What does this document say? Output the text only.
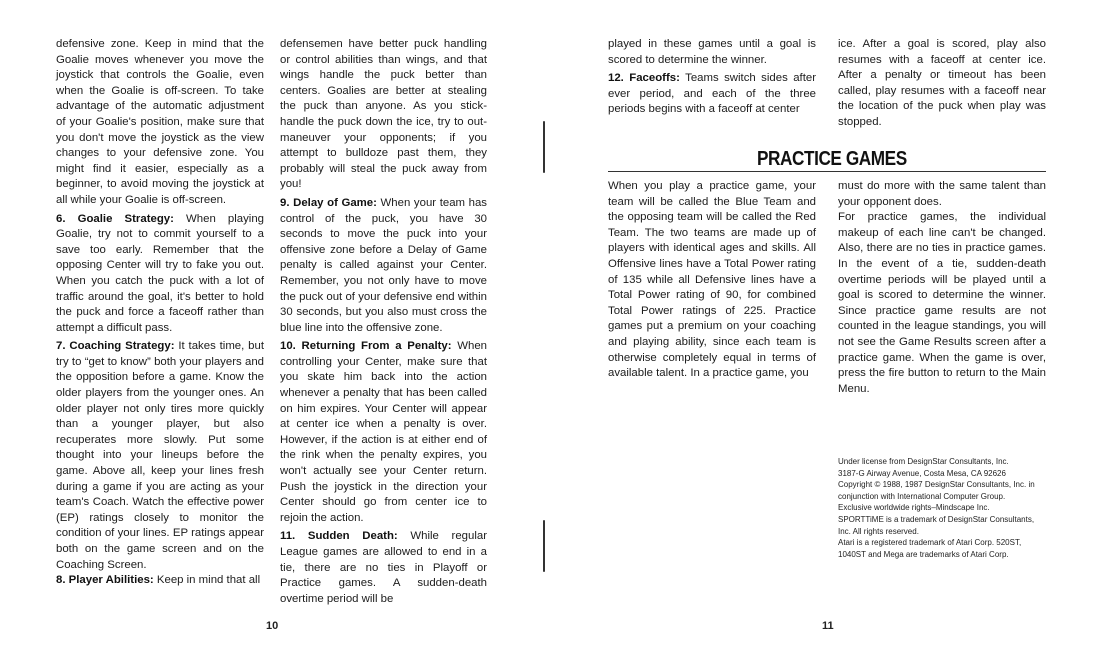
defensive zone. Keep in mind that the Goalie moves whenever you move the joystick that controls the Goalie, even when the Goalie is off-screen. To take advantage of the automatic adjustment of your Goalie's position, make sure that you don't move the joystick as the view changes to your defensive zone. You might find it easier, especially as a beginner, to avoid moving the joystick at all while your Goalie is off-screen.

6. Goalie Strategy: When playing Goalie, try not to commit yourself to a save too early. Remember that the opposing Center will try to fake you out. When you catch the puck with a lot of traffic around the goal, it's better to hold the puck and force a faceoff rather than attempt a difficult pass.

7. Coaching Strategy: It takes time, but try to “get to know” both your players and the opposition before a game. Know the older players from the younger ones. An older player not only tires more quickly than a younger player, but also recuperates more slowly. Put some thought into your lineups before the game. Above all, keep your lines fresh during a game if you are acting as your team's Coach. Watch the effective power (EP) ratings closely to monitor the condition of your lines. EP ratings appear both on the game screen and on the Coaching Screen.

8. Player Abilities: Keep in mind that all

defensemen have better puck handling or control abilities than wings, and that wings handle the puck better than centers. Goalies are better at stealing the puck than anyone. As you stick-handle the puck down the ice, try to out-maneuver your opponents; if you attempt to bulldoze past them, they probably will steal the puck away from you!

9. Delay of Game: When your team has control of the puck, you have 30 seconds to move the puck into your offensive zone before a Delay of Game penalty is called against your Center. Remember, you not only have to move the puck out of your defensive end within 30 seconds, but you also must cross the blue line into the offensive zone.

10. Returning From a Penalty: When controlling your Center, make sure that you skate him back into the action whenever a penalty that has been called on him expires. Your Center will appear at center ice when a penalty is over. However, if the action is at either end of the rink when the penalty expires, you won't actually see your Center return. Push the joystick in the direction your Center should go from center ice to rejoin the action.

11. Sudden Death: While regular League games are allowed to end in a tie, there are no ties in Playoff or Practice games. A sudden-death overtime period will be

10

played in these games until a goal is scored to determine the winner.

12. Faceoffs: Teams switch sides after ever period, and each of the three periods begins with a faceoff at center

ice. After a goal is scored, play also resumes with a faceoff at center ice. After a penalty or timeout has been called, play resumes with a faceoff near the location of the puck when play was stopped.

PRACTICE GAMES

When you play a practice game, your team will be called the Blue Team and the opposing team will be called the Red Team. The two teams are made up of players with identical ages and skills. All Offensive lines have a Total Power rating of 135 while all Defensive lines have a Total Power rating of 90, for combined Total Power ratings of 225. Practice games put a premium on your coaching and playing ability, since each team is otherwise completely equal in terms of available talent. In a practice game, you

must do more with the same talent than your opponent does.

For practice games, the individual makeup of each line can't be changed. Also, there are no ties in practice games. In the event of a tie, sudden-death overtime periods will be played until a goal is scored to determine the winner. Since practice game results are not counted in the league standings, you will not see the Game Results screen after a practice game. When the game is over, press the fire button to return to the Main Menu.

Under license from DesignStar Consultants, Inc.
3187-G Airway Avenue, Costa Mesa, CA 92626
Copyright © 1988, 1987 DesignStar Consultants, Inc. in
conjunction with International Computer Group.
Exclusive worldwide rights–Mindscape Inc.
SPORTTiME is a trademark of DesignStar Consultants,
Inc. All rights reserved.
Atari is a registered trademark of Atari Corp. 520ST,
1040ST and Mega are trademarks of Atari Corp.
11
